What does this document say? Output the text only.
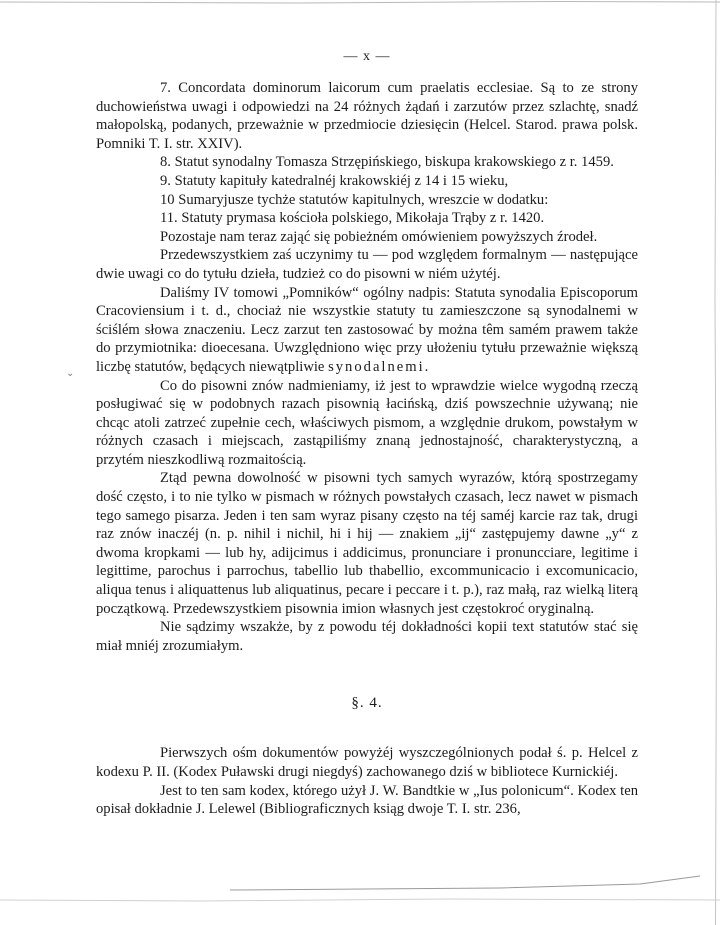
⌄
— x —

7. Concordata dominorum laicorum cum praelatis ecclesiae. Są to ze strony duchowieństwa uwagi i odpowiedzi na 24 różnych żądań i zarzutów przez szlachtę, snadź małopolską, podanych, przeważnie w przedmiocie dziesięcin (Helcel. Starod. prawa polsk. Pomniki T. I. str. XXIV).

8. Statut synodalny Tomasza Strzępińskiego, biskupa krakowskiego z r. 1459.

9. Statuty kapituły katedralnéj krakowskiéj z 14 i 15 wieku,

10 Sumaryjusze tychże statutów kapitulnych, wreszcie w dodatku:

11. Statuty prymasa kościoła polskiego, Mikołaja Trąby z r. 1420.

Pozostaje nam teraz zająć się pobieżném omówieniem powyższych źrodeł.

Przedewszystkiem zaś uczynimy tu — pod względem formalnym — następujące dwie uwagi co do tytułu dzieła, tudzież co do pisowni w niém użytéj.

Daliśmy IV tomowi „Pomników“ ogólny nadpis: Statuta synodalia Episcoporum Cracoviensium i t. d., chociaż nie wszystkie statuty tu zamieszczone są synodalnemi w ściślém słowa znaczeniu. Lecz zarzut ten zastosować by można têm samém prawem także do przymiotnika: dioecesana. Uwzględniono więc przy ułożeniu tytułu przeważnie większą liczbę statutów, będących niewątpliwie synodalnemi.

Co do pisowni znów nadmieniamy, iż jest to wprawdzie wielce wygodną rzeczą posługiwać się w podobnych razach pisownią łacińską, dziś powszechnie używaną; nie chcąc atoli zatrzeć zupełnie cech, właściwych pismom, a względnie drukom, powstałym w różnych czasach i miejscach, zastąpiliśmy znaną jednostajność, charakterystyczną, a przytém nieszkodliwą rozmaitością.

Ztąd pewna dowolność w pisowni tych samych wyrazów, którą spostrzegamy dość często, i to nie tylko w pismach w różnych powstałych czasach, lecz nawet w pismach tego samego pisarza. Jeden i ten sam wyraz pisany często na téj saméj karcie raz tak, drugi raz znów inaczéj (n. p. nihil i nichil, hi i hij — znakiem „ij“ zastępujemy dawne „y“ z dwoma kropkami — lub hy, adijcimus i addicimus, pronunciare i pronuncciare, legitime i legittime, parochus i parrochus, tabellio lub thabellio, excommunicacio i excomunicacio, aliqua tenus i aliquattenus lub aliquatinus, pecare i peccare i t. p.), raz małą, raz wielką literą początkową. Przedewszystkiem pisownia imion własnych jest częstokroć oryginalną.

Nie sądzimy wszakże, by z powodu téj dokładności kopii text statutów stać się miał mniéj zrozumiałym.

§. 4.

Pierwszych ośm dokumentów powyżéj wyszczególnionych podał ś. p. Helcel z kodexu P. II. (Kodex Puławski drugi niegdyś) zachowanego dziś w bibliotece Kurnickiéj.

Jest to ten sam kodex, którego użył J. W. Bandtkie w „Ius polonicum“. Kodex ten opisał dokładnie J. Lelewel (Bibliograficznych ksiąg dwoje T. I. str. 236,
